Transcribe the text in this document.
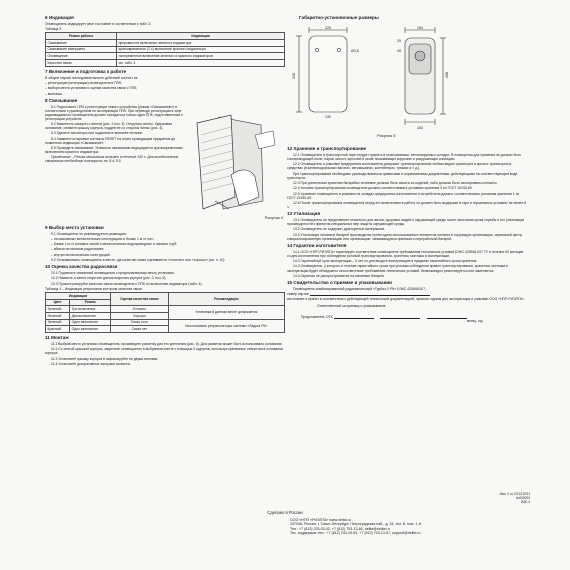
6 Индикация

Оповещатель индицирует свое состояние в соответствии с табл. 3.

Таблица 3

Режим работы	Индикация
Связывание	прерывистое включение зеленого индикатора
Связывание завершено	кратковременное (2 с) включение красного индикатора
Оповещение	попеременное включение зеленого и красного индикаторов
Качество связи	см. табл. 4
7 Включение и подготовка к работе

В общем случае последовательность действий состоит из:

– регистрации (интеграции) оповещателя в ППК;

– выбора места установки и оценки качества связи с ППК;

– монтажа.

8 Связывание

8.1 Подготовить ППК к регистрации нового устройства (режим «Связывание») в соответствии с руководством по эксплуатации ППК. При переводе регистрации в зоне радиовидимости оповещателя должен находиться только один ППК, подготовленный к регистрации устройств.

8.2 Вывинтить саморез с винтов (рис. 2 поз. 3). Открутить винты. Удерживая основание, снимите крышку корпуса, поддев ее со стороны линзы (рис. 4).

8.3 Удалите изоляторы или подключите внешнее питание.

8.4 Замкните штыревые контакты RESET на плате проводящим предметом до появления индикации «Связывание».

8.5 Проведите связывание. Успешное связывание индицируется кратковременным включением красного индикатора.

Примечание – Режим связывания активен в течение 150 с. Для возобновления связывания необходимо повторить пп. 8.4, 8.5.

Рисунок 4
9 Выбор места установки

9.1 Оповещатель не рекомендуется размещать:

– на массивных металлических конструкциях и ближе 1 м от них;

– ближе 1 м от силовых линий и металлических водопроводных и газовых труб;

– вблизи источников радиопомех;

– внутри металлических конструкций.

9.2 Устанавливать оповещатель в месте, где качество связи оценивается «отлично» или «хорошо» (см. п. 10).

10 Оценка качества радиосвязи

10.1 Поднесите связанный оповещатель к предполагаемому месту установки.

10.2 Нажмите и затем отпустите датчик вскрытия корпуса (рис. 2, поз. 6).

10.3 Проконтролируйте качество связи оповещателя с ППК по включению индикатора (табл. 4).

Таблица 4 – Индикация результатов контроля качества связи

Индикация		Оценка качества связи	Рекомендации
Цвет	Режим		
Зеленый	Три включения	Отлично	Установка в данном месте допускается
Зеленый	Два включения	Хорошо	
Зеленый	Одно включение	Связь есть	Использовать ретрансляторы системы «Ладога РК»
Красный	Одно включение	Связи нет	
11 Монтаж

11.1 Выбрав место установки оповещателя, произведите разметку для его крепления (рис. 5). Для разметки может быть использовано основание.

11.2 Со снятой крышкой корпуса, закрепите оповещатель в выбранном месте с помощью 2 шурупов, используя крепежные отверстия в основании корпуса.

11.3 Установите крышку корпуса и зафиксируйте ее двумя винтами.

11.4 Установите декоративные заглушки на винты.

Габаритно-установочные размеры
220	154
29
49
130	268
130
163
Ø3,5
Рисунок 5
12 Хранение и транспортирование

12.1 Оповещатель в транспортной таре следует хранить в отапливаемых, вентилируемых складах. В помещении для хранения не должно быть токопроводящей пыли, паров, кислот, щелочей и газов, вызывающих коррозию и разрушающих изоляцию.

12.2 Оповещатель в упаковке предприятия-изготовителя допускает транспортирование любым видом транспорта в крытых транспортных средствах (в железнодорожных вагонах, автомашинах, контейнерах, трюмах и т. д.).

При транспортировании необходимо руководствоваться правилами и нормативными документами, действующими на соответствующем виде транспорта.

12.3 При длительном хранении батарейки литиевые должны быть изъяты из изделий, либо должны быть изолированы контакты.

12.4 Условия транспортирования оповещателя должны соответствовать условиям хранения 3 по ГОСТ 15150-69.

12.5 Хранение оповещателя в упаковке на складах предприятия-изготовителя и потребителя должно соответствовать условиям хранения 1 по ГОСТ 15150-69.

12.6 После транспортирования оповещателя перед его включением в работу он должен быть выдержан в таре в нормальных условиях не менее 6 ч.

13 Утилизация

13.1 Оповещатель не представляет опасности для жизни, здоровья людей и окружающей среды после окончания срока службы и его утилизация производится без принятия специальных мер защиты окружающей среды.

13.2 Оповещатель не содержит драгоценных материалов.

13.3 Утилизация литиевых батарей производится путем сдачи использованных элементов питания в торгующую организацию, сервисный центр, специализированную организацию или организацию, занимающуюся приемом и переработкой батарей.

14 Гарантии изготовителя

14.1 ООО «НПП РИЭЛТА» гарантирует соответствие оповещателя требованиям технических условий БЭКС.425548.007 ТУ в течение 62 месяцев со дня изготовления при соблюдении условий транспортирования, хранения, монтажа и эксплуатации.

14.2 Гарантийный срок эксплуатации – 5 лет со дня ввода в эксплуатацию в пределах гарантийного срока хранения.

14.3 Оповещатель, у которого в течение гарантийного срока при условии соблюдения правил транспортирования, хранения, монтажа и эксплуатации будет обнаружено несоответствие требованиям технических условий, безвозмездно ремонтируется или заменяется.

14.4 Гарантия не распространяется на литиевые батареи.

15 Свидетельство о приемке и упаковывании

Оповещатель комбинированный радиоканальный «Трубач-У-РК» БЭКС.425548.007,

номер партии

изготовлен и принят в соответствии с действующей технической документацией, признан годным для эксплуатации и упакован ООО «НПП РИЭЛТА».

Ответственный за приемку и упаковывание

Представитель ОТК

месяц, год

Изм. 2 от 23.03.2021
№000003
ИЗЕ.4
Сделано в России
ООО «НПП «РИЭЛТА» www.riellta.ru
197046, Россия, г. Санкт-Петербург, Петроградская наб., д. 34, лит. Б, пом. 1-Н
Тел.: +7 (812) 233-03-02, +7 (812) 703-13-60, riellta@riellta.ru
Тех. поддержка: тел.: +7 (812) 233-29-53, +7 (812) 703-13-57, support@riellta.ru
